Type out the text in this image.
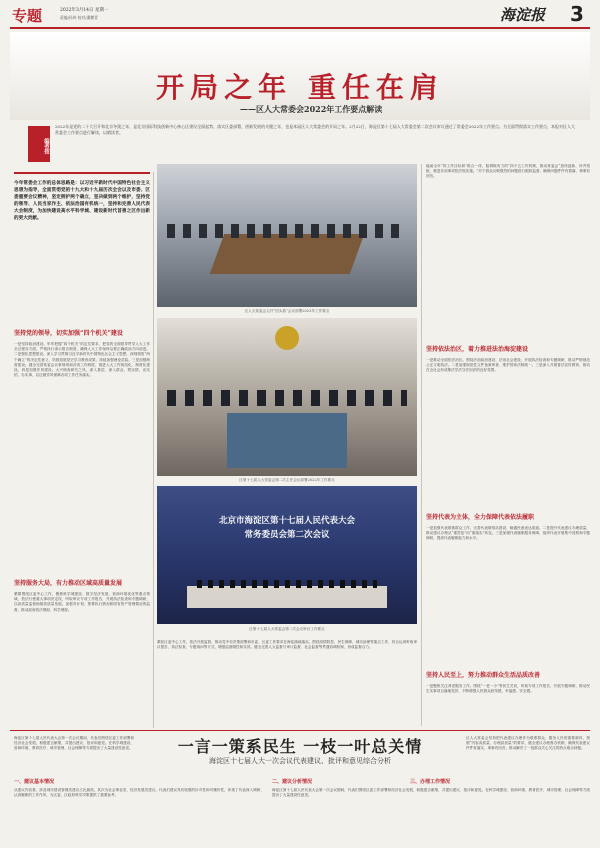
专题	2022年3月14日 星期一
责编/孙炜 校对/潘鹏青	海淀报 3
开局之年 重任在肩
——区人大常委会2022年工作要点解读
编者按
2022年是党的二十大召开和北京冬奥之年，是北京国际科技创新中心核心区建设全面起势、落实区委部署、创新发展的关键之年，也是本届区人大常委会的开局之年。2月22日，海淀区第十七届人大常委会第二次会议审议通过了常委会2022年工作要点。为全面贯彻落实工作要点，本报对区人大常委会工作要点进行解读，以飨读者。
今年常委会工作的总体思路是：以习近平新时代中国特色社会主义思想为指导，全面贯彻党的十九大和十九届历次全会以及市委、区委重要会议精神，坚定拥护两个确立，坚决做到两个维护，坚持党的领导、人民当家作主、依法治国有机统一，坚持和完善人民代表大会制度，为加快建设高水平科学城、建设新时代首善之区作出新的更大贡献。
坚持党的领导，切实加强“四个机关”建设
一是坚持政治建设。牢牢把握“四个机关”的定位要求，把党的全面领导贯穿人大工作全过程各方面，严格执行请示报告制度，确保人大工作始终沿着正确政治方向前进。二是强化思想建设。深入学习贯彻习近平新时代中国特色社会主义思想，深刻领悟“两个确立”的决定性意义，巩固拓展党史学习教育成果，持续加强理论武装。三是加强制度建设。健全完善常委会议事规则和各项工作制度，推进人大工作规范化、制度化建设。四是加强作风建设。大兴调查研究之风，深入基层、深入群众，察实情、出实招、办实事，以过硬作风保障各项工作任务落实。
坚持服务大局，有力推动区域高质量发展
紧紧围绕区委中心工作，聚焦科学城建设、数字经济发展、营商环境优化等重点领域，依法行使重大事项决定权，听取审议专项工作报告，开展执法检查和专题调研，以高质量监督助推高质量发展。加强对计划、预算执行情况和国有资产管理情况的监督，推动政府依法理财、科学理财。
区人大常委会召开“回头看”会议部署2022年工作要点
区第十七届人大常委会第二次主任会议部署2022年工作要点
北京市海淀区第十七届人民代表大会
常务委员会第二次会议
区第十七届人大常委会第二次会议审议工作要点
紧扣区委中心工作，依法开展监督，推动党中央决策部署和市委、区委工作要求在海淀落地落实。围绕疫情防控、民生保障、城市治理等重点工作，综合运用听取审议报告、执法检查、专题询问等方式，增强监督刚性和实效。健全完善人大监督与审计监督、社会监督等贯通协调机制，形成监督合力。
能助全年“的工作目标和”推合一体，阻碍除有力的“四个五工作机制，推动常委会“加快创新、补齐短板，推进各项事项依法规实施。”对于群众反映强烈的问题进行跟踪监督，确保问题件件有着落、事事有回音。
坚持依法治区，着力推进法治海淀建设
一是推动全面依法治区。围绕法治政府建设、法治社会建设，开展执法检查和专题调研，推动严格规范公正文明执法。二是加强规范性文件备案审查，维护国家法制统一。三是深入开展普法宣传教育，推动在全社会形成尊法学法守法用法的良好氛围。
坚持代表为主体，全力保障代表依法履职
一是加强代表联系群众工作，完善代表联络站建设，畅通民意表达渠道。二是提升代表建议办理质量，推动建议办理从“重答复”向“重落实”转变。三是加强代表履职服务保障，组织代表开展集中视察和专题调研，提高代表履职能力和水平。
坚持人民至上，努力推动群众生活品质改善
一是聚焦关注养老服务工作。围绕“一老一小”等民生关切，听取专项工作报告，开展专题调研，推动民生实事项目落地见效，不断增强人民群众获得感、幸福感、安全感。
海淀区第十七届人民代表大会第一次会议期间，代表们围绕区委工作部署和经济社会发展，积极建言献策，共提出建议、批评和意见。在科学城建设、营商环境、教育医疗、城市管理、社会保障等方面提出了大量建设性意见。	一言一策系民生 一枝一叶总关情
海淀区十七届人大一次会议代表建议、批评和意见综合分析
区人大常委会坚持把代表建议办理作为联系群众、服务人民的重要载体，按照“内容高质量、办理高质量”的要求，健全建议办理督办机制，确保代表建议件件有落实、事事有回音，推动解决了一批群众关心关注的热点难点问题。
一、建议基本情况
从建议内容看，涉及城市建设管理类建议占比最高，其次为社会事业类、经济发展类建议。代表们建议具有较强的针对性和可操作性，体现了代表深入调研、认真履职的工作作风，为区委、区政府科学决策提供了重要参考。
二、建议分析情况	三、办理工作情况
海淀区第十七届人民代表大会第一次会议期间，代表们围绕区委工作部署和经济社会发展，积极建言献策，共提出建议、批评和意见。在科学城建设、营商环境、教育医疗、城市管理、社会保障等方面提出了大量建设性意见。
